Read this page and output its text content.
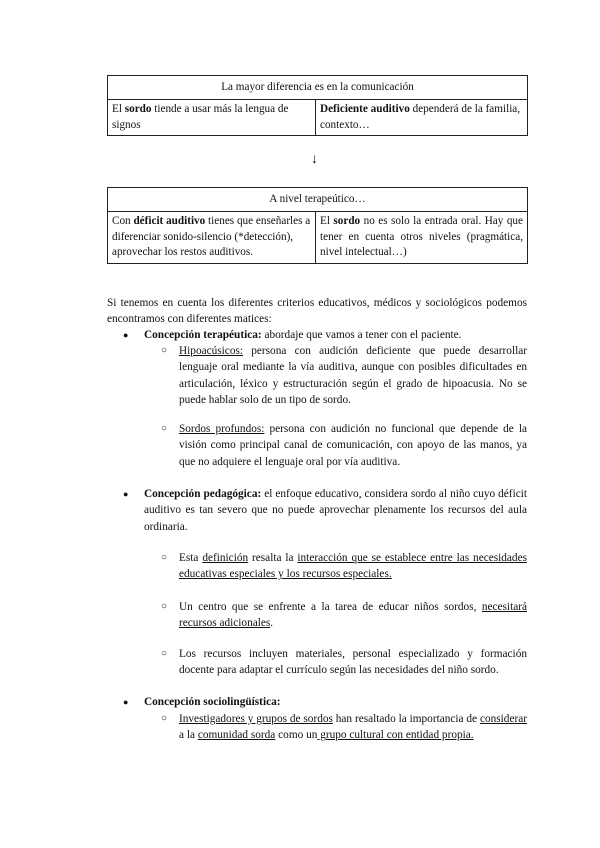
La mayor diferencia es en la comunicación
El sordo tiende a usar más la lengua de signos	Deficiente auditivo dependerá de la familia, contexto…
↓
A nivel terapeútico…
Con déficit auditivo tienes que enseñarles a diferenciar sonido-silencio (*detección), aprovechar los restos auditivos.	El sordo no es solo la entrada oral. Hay que tener en cuenta otros niveles (pragmática, nivel intelectual…)
Si tenemos en cuenta los diferentes criterios educativos, médicos y sociológicos podemos encontramos con diferentes matices:
● Concepción terapéutica: abordaje que vamos a tener con el paciente.
○ Hipoacúsicos: persona con audición deficiente que puede desarrollar lenguaje oral mediante la vía auditiva, aunque con posibles dificultades en articulación, léxico y estructuración según el grado de hipoacusia. No se puede hablar solo de un tipo de sordo.
○ Sordos profundos: persona con audición no funcional que depende de la visión como principal canal de comunicación, con apoyo de las manos, ya que no adquiere el lenguaje oral por vía auditiva.
● Concepción pedagógica: el enfoque educativo, considera sordo al niño cuyo déficit auditivo es tan severo que no puede aprovechar plenamente los recursos del aula ordinaria.
○ Esta definición resalta la interacción que se establece entre las necesidades educativas especiales y los recursos especiales.
○ Un centro que se enfrente a la tarea de educar niños sordos, necesitará recursos adicionales.
○ Los recursos incluyen materiales, personal especializado y formación docente para adaptar el currículo según las necesidades del niño sordo.
● Concepción sociolingüística:
○ Investigadores y grupos de sordos han resaltado la importancia de considerar a la comunidad sorda como un grupo cultural con entidad propia.
